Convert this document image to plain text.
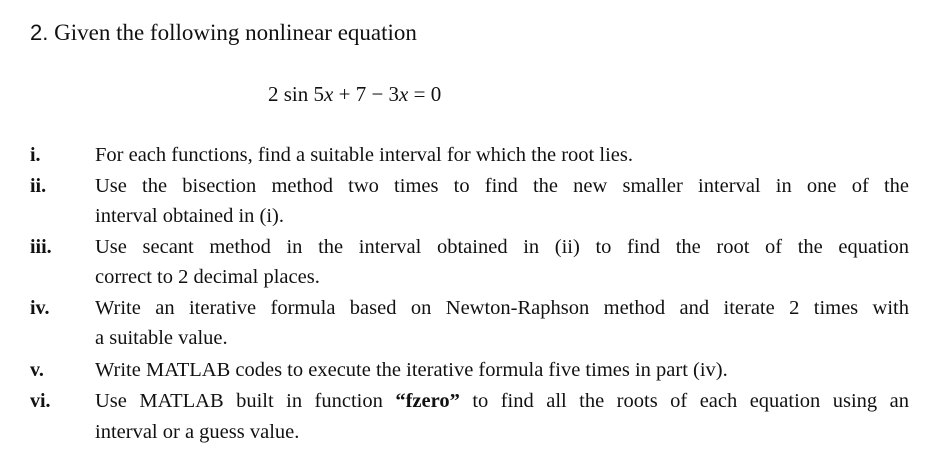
2. Given the following nonlinear equation
2 sin 5x + 7 − 3x = 0
i.	For each functions, find a suitable interval for which the root lies.
ii. Use the bisection method two times to find the new smaller interval in one of the
interval obtained in (i).
iii. Use secant method in the interval obtained in (ii) to find the root of the equation
correct to 2 decimal places.
iv. Write an iterative formula based on Newton-Raphson method and iterate 2 times with
a suitable value.
v. Write MATLAB codes to execute the iterative formula five times in part (iv).
vi. Use MATLAB built in function “fzero” to find all the roots of each equation using an
interval or a guess value.
